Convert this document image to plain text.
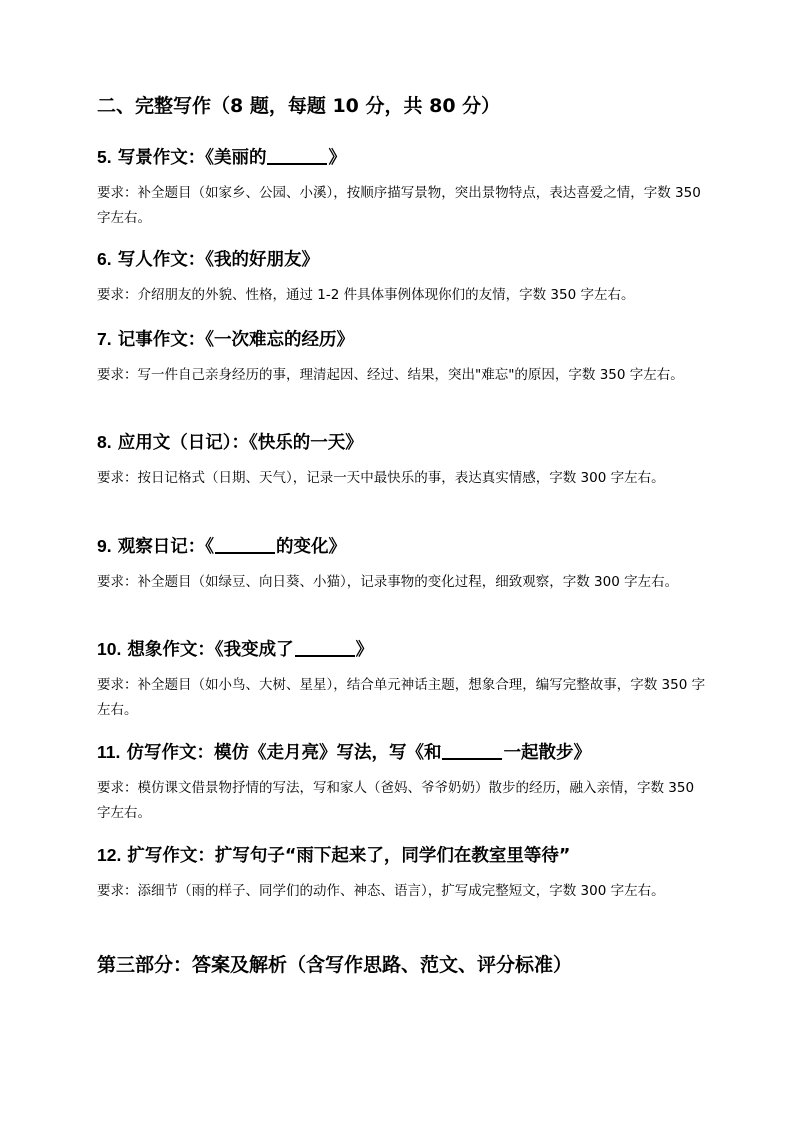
二、完整写作（8 题，每题 10 分，共 80 分）
5. 写景作文：《美丽的	》
要求：补全题目（如家乡、公园、小溪），按顺序描写景物，突出景物特点，表达喜爱之情，字数 350 字左右。
6. 写人作文：《我的好朋友》
要求：介绍朋友的外貌、性格，通过 1-2 件具体事例体现你们的友情，字数 350 字左右。
7. 记事作文：《一次难忘的经历》
要求：写一件自己亲身经历的事，理清起因、经过、结果，突出"难忘"的原因，字数 350 字左右。
8. 应用文（日记）：《快乐的一天》
要求：按日记格式（日期、天气），记录一天中最快乐的事，表达真实情感，字数 300 字左右。
9. 观察日记：《	的变化》
要求：补全题目（如绿豆、向日葵、小猫），记录事物的变化过程，细致观察，字数 300 字左右。
10. 想象作文：《我变成了	》
要求：补全题目（如小鸟、大树、星星），结合单元神话主题，想象合理，编写完整故事，字数 350 字左右。
11. 仿写作文：模仿《走月亮》写法，写《和	一起散步》
要求：模仿课文借景物抒情的写法，写和家人（爸妈、爷爷奶奶）散步的经历，融入亲情，字数 350 字左右。
12. 扩写作文：扩写句子“雨下起来了，同学们在教室里等待”
要求：添细节（雨的样子、同学们的动作、神态、语言），扩写成完整短文，字数 300 字左右。
第三部分：答案及解析（含写作思路、范文、评分标准）
